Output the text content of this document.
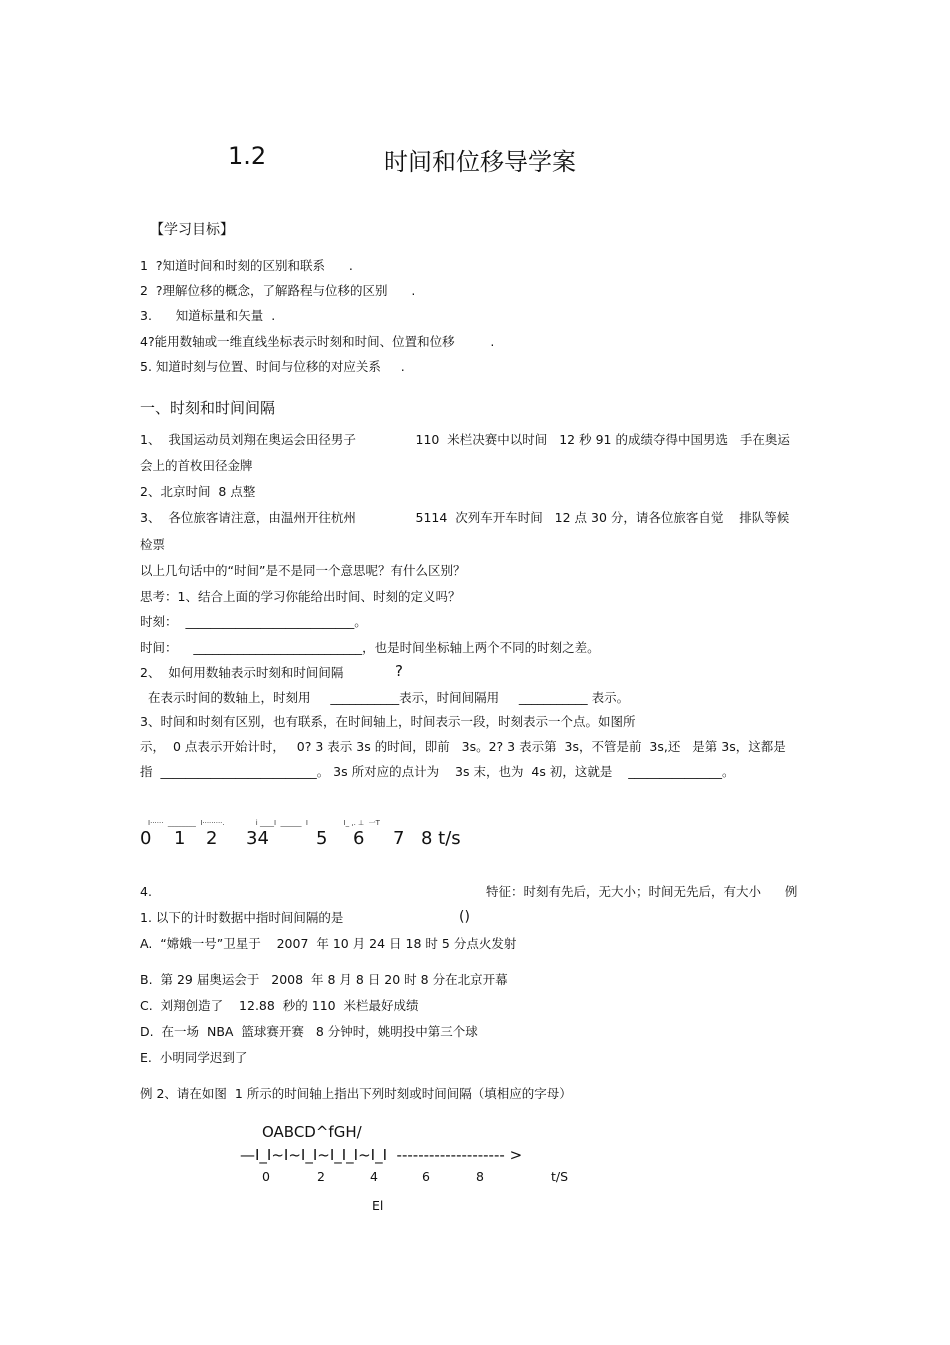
1.2	时间和位移导学案
【学习目标】
1  ?知道时间和时刻的区别和联系      .
2  ?理解位移的概念，了解路程与位移的区别      .
3.      知道标量和矢量  .
4?能用数轴或一维直线坐标表示时刻和时间、位置和位移         .
5. 知道时刻与位置、时间与位移的对应关系     .
一、时刻和时间间隔
1、  我国运动员刘翔在奥运会田径男子               110  米栏决赛中以时间   12 秒 91 的成绩夺得中国男选   手在奥运
会上的首枚田径金牌
2、北京时间  8 点整
3、  各位旅客请注意，由温州开往杭州               5114  次列车开车时间   12 点 30 分，请各位旅客自觉    排队等候
检票
以上几句话中的“时间”是不是同一个意思呢？有什么区别？
思考：1、结合上面的学习你能给出时间、时刻的定义吗？
时刻：  ___________________________。
时间：    ___________________________，也是时间坐标轴上两个不同的时刻之差。
2、  如何用数轴表示时刻和时间间隔	?
在表示时间的数轴上，时刻用     ___________表示，时间间隔用     ___________ 表示。
3、时间和时刻有区别，也有联系，在时间轴上，时间表示一段，时刻表示一个点。如图所
示，  0 点表示开始计时，   0? 3 表示 3s 的时间，即前   3s。2? 3 表示第  3s，不管是前  3s,还   是第 3s，这都是
指  _________________________。 3s 所对应的点计为    3s 末，也为  4s 初，这就是    _______________。
I······  ________  I·········.              i ____I  ______  I                I_ ,. ⊥  一T
0 1 2 34	5 6 7 8 t/s
4.	特征：时刻有先后，无大小；时间无先后，有大小      例
1. 以下的计时数据中指时间间隔的是	()
A.  “嫦娥一号”卫星于    2007  年 10 月 24 日 18 时 5 分点火发射
B.  第 29 届奥运会于   2008  年 8 月 8 日 20 时 8 分在北京开幕
C.  刘翔创造了    12.88  秒的 110  米栏最好成绩
D.  在一场  NBA  篮球赛开赛   8 分钟时，姚明投中第三个球
E.  小明同学迟到了
例 2、请在如图  1 所示的时间轴上指出下列时刻或时间间隔（填相应的字母）
OABCD^fGH/
—I_I~I~I_I~I_I_I~I_I  -------------------- >
0	2	4	6	8	t/S
El
